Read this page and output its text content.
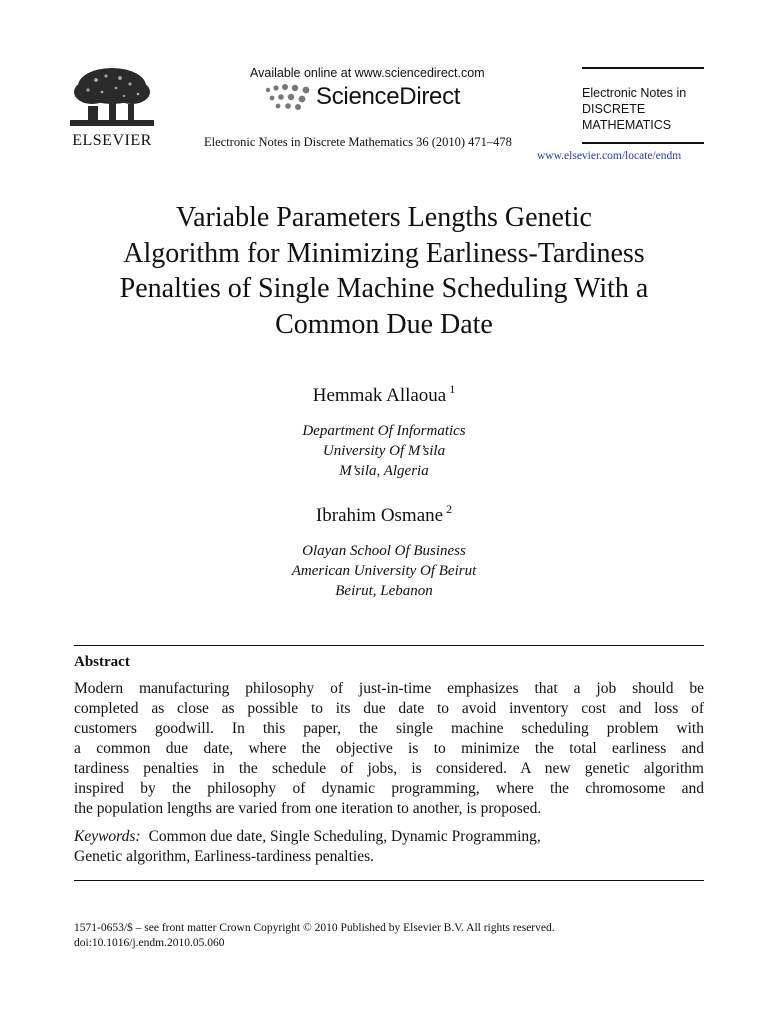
ELSEVIER
Available online at www.sciencedirect.com
ScienceDirect
Electronic Notes in Discrete Mathematics 36 (2010) 471–478
Electronic Notes in
DISCRETE
MATHEMATICS
www.elsevier.com/locate/endm
Variable Parameters Lengths Genetic
Algorithm for Minimizing Earliness-Tardiness
Penalties of Single Machine Scheduling With a
Common Due Date
Hemmak Allaoua $^1$
Department Of Informatics
University Of M’sila
M’sila, Algeria
Ibrahim Osmane $^2$
Olayan School Of Business
American University Of Beirut
Beirut, Lebanon
Abstract
Modern manufacturing philosophy of just-in-time emphasizes that a job should be
completed as close as possible to its due date to avoid inventory cost and loss of
customers goodwill. In this paper, the single machine scheduling problem with
a common due date, where the objective is to minimize the total earliness and
tardiness penalties in the schedule of jobs, is considered. A new genetic algorithm
inspired by the philosophy of dynamic programming, where the chromosome and
the population lengths are varied from one iteration to another, is proposed.
Keywords: Common due date, Single Scheduling, Dynamic Programming,
Genetic algorithm, Earliness-tardiness penalties.
1571-0653/$ – see front matter Crown Copyright © 2010 Published by Elsevier B.V. All rights reserved.
doi:10.1016/j.endm.2010.05.060
